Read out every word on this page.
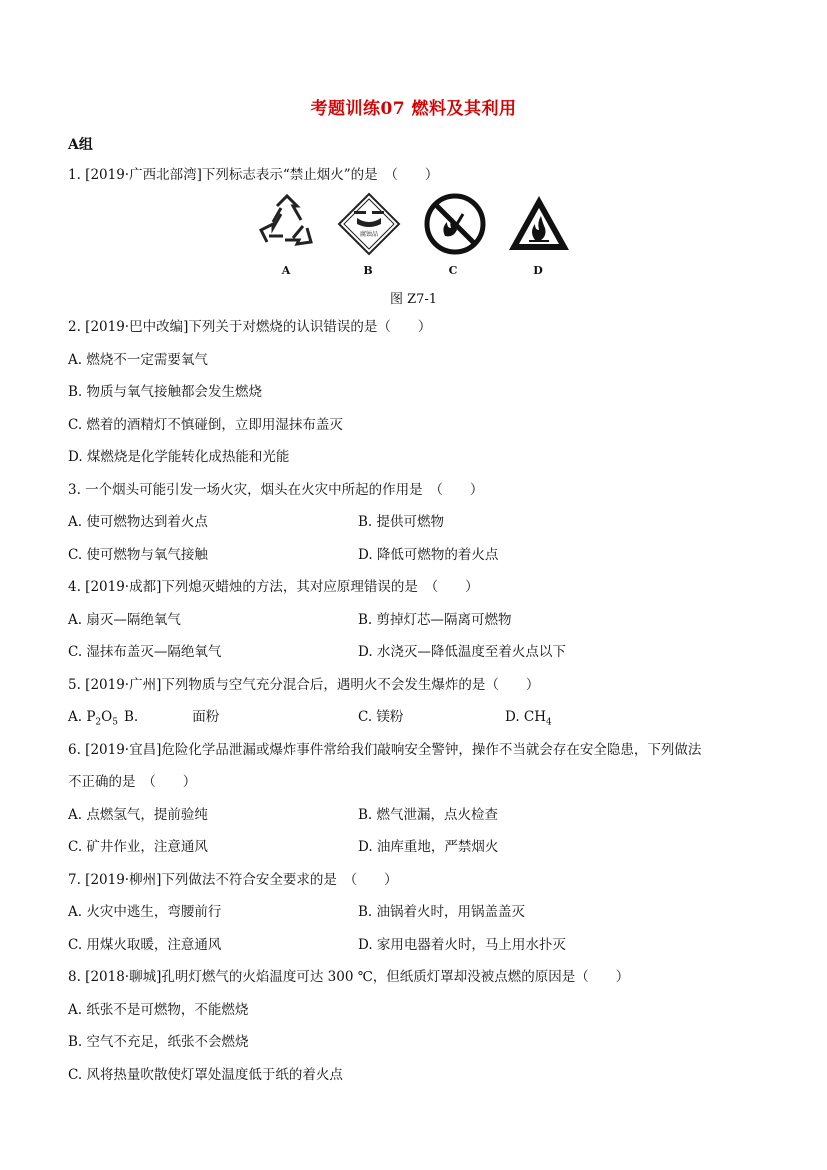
考题训练07 燃料及其利用
A组
1. [2019·广西北部湾]下列标志表示“禁止烟火”的是　（　　）
腐蚀品
A	B	C	D
图 Z7-1
2. [2019·巴中改编]下列关于对燃烧的认识错误的是（　　）
A. 燃烧不一定需要氧气
B. 物质与氧气接触都会发生燃烧
C. 燃着的酒精灯不慎碰倒，立即用湿抹布盖灭
D. 煤燃烧是化学能转化成热能和光能
3. 一个烟头可能引发一场火灾，烟头在火灾中所起的作用是　（　　）
A. 使可燃物达到着火点	B. 提供可燃物
C. 使可燃物与氧气接触	D. 降低可燃物的着火点
4. [2019·成都]下列熄灭蜡烛的方法，其对应原理错误的是　（　　）
A. 扇灭—隔绝氧气	B. 剪掉灯芯—隔离可燃物
C. 湿抹布盖灭—隔绝氧气	D. 水浇灭—降低温度至着火点以下
5. [2019·广州]下列物质与空气充分混合后，遇明火不会发生爆炸的是（　　）
A. $P_2O_5$ B.　　　　面粉	C. 镁粉	D. $CH_4$
6. [2019·宜昌]危险化学品泄漏或爆炸事件常给我们敲响安全警钟，操作不当就会存在安全隐患，下列做法
不正确的是　（　　）
A. 点燃氢气，提前验纯	B. 燃气泄漏，点火检查
C. 矿井作业，注意通风	D. 油库重地，严禁烟火
7. [2019·柳州]下列做法不符合安全要求的是　（　　）
A. 火灾中逃生，弯腰前行	B. 油锅着火时，用锅盖盖灭
C. 用煤火取暖，注意通风	D. 家用电器着火时，马上用水扑灭
8. [2018·聊城]孔明灯燃气的火焰温度可达 300 ℃，但纸质灯罩却没被点燃的原因是（　　）
A. 纸张不是可燃物，不能燃烧
B. 空气不充足，纸张不会燃烧
C. 风将热量吹散使灯罩处温度低于纸的着火点
